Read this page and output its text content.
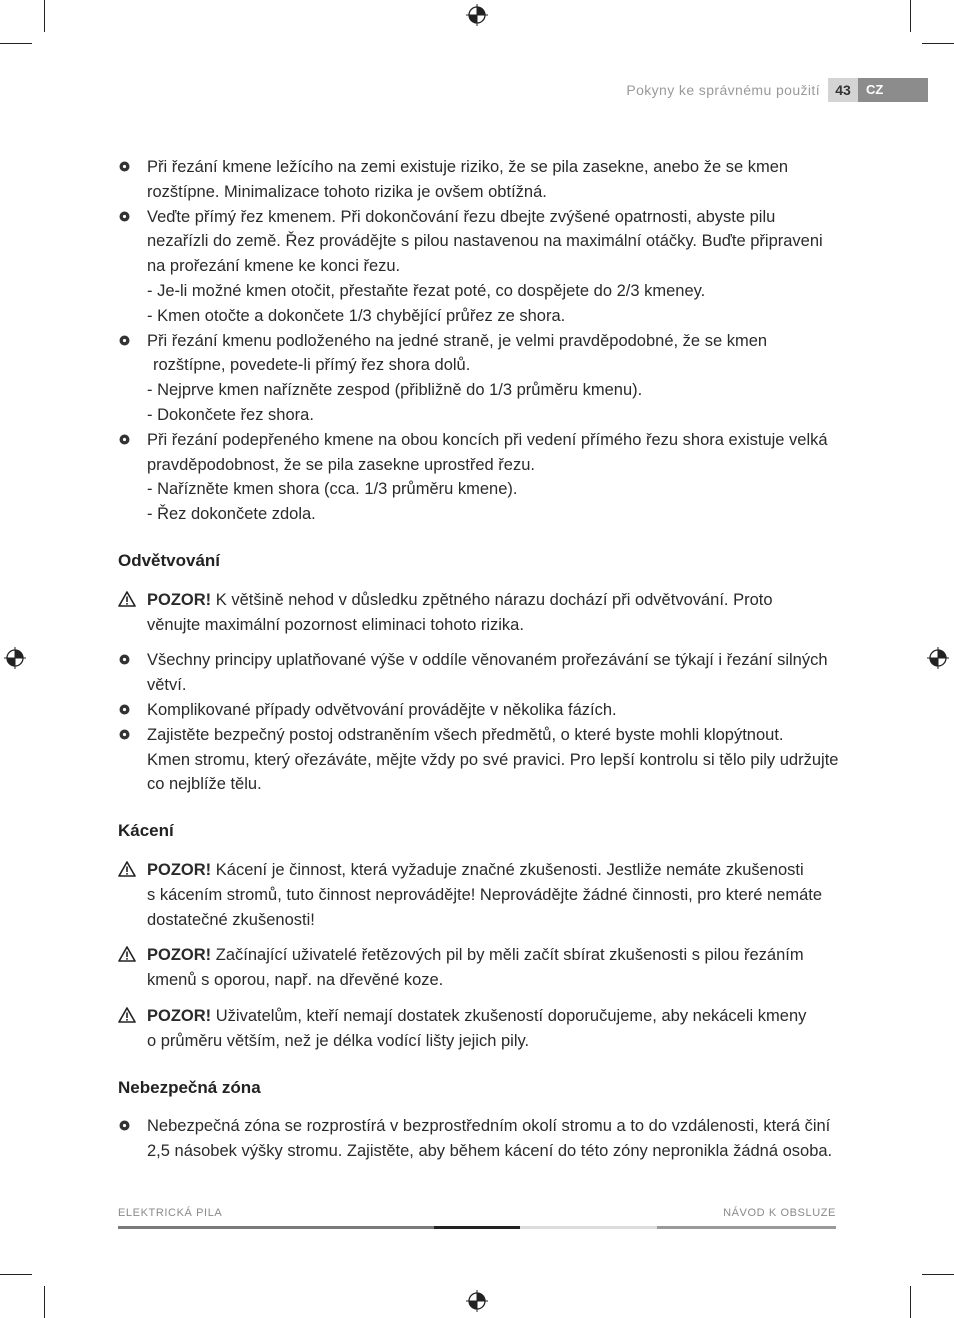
Pokyny ke správnému použití	43	CZ
Při řezání kmene ležícího na zemi existuje riziko, že se pila zasekne, anebo že se kmen
rozštípne. Minimalizace tohoto rizika je ovšem obtížná.
Veďte přímý řez kmenem. Při dokončování řezu dbejte zvýšené opatrnosti, abyste pilu
nezařízli do země. Řez provádějte s pilou nastavenou na maximální otáčky. Buďte připraveni
na prořezání kmene ke konci řezu.
- Je-li možné kmen otočit, přestaňte řezat poté, co dospějete do 2/3 kmeney.
- Kmen otočte a dokončete 1/3 chybějící průřez ze shora.
Při řezání kmenu podloženého na jedné straně, je velmi pravděpodobné, že se kmen
rozštípne, povedete-li přímý řez shora dolů.
- Nejprve kmen nařízněte zespod (přibližně do 1/3 průměru kmenu).
- Dokončete řez shora.
Při řezání podepřeného kmene na obou koncích při vedení přímého řezu shora existuje velká
pravděpodobnost, že se pila zasekne uprostřed řezu.
- Nařízněte kmen shora (cca. 1/3 průměru kmene).
- Řez dokončete zdola.
Odvětvování
POZOR! K většině nehod v důsledku zpětného nárazu dochází při odvětvování. Proto
věnujte maximální pozornost eliminaci tohoto rizika.
Všechny principy uplatňované výše v oddíle věnovaném prořezávání se týkají i řezání silných
větví.
Komplikované případy odvětvování provádějte v několika fázích.
Zajistěte bezpečný postoj odstraněním všech předmětů, o které byste mohli klopýtnout.
Kmen stromu, který ořezáváte, mějte vždy po své pravici. Pro lepší kontrolu si tělo pily udržujte
co nejblíže tělu.
Kácení
POZOR! Kácení je činnost, která vyžaduje značné zkušenosti. Jestliže nemáte zkušenosti
s kácením stromů, tuto činnost neprovádějte! Neprovádějte žádné činnosti, pro které nemáte
dostatečné zkušenosti!
POZOR! Začínající uživatelé řetězových pil by měli začít sbírat zkušenosti s pilou řezáním
kmenů s oporou, např. na dřevěné koze.
POZOR! Uživatelům, kteří nemají dostatek zkušeností doporučujeme, aby nekáceli kmeny
o průměru větším, než je délka vodící lišty jejich pily.
Nebezpečná zóna
Nebezpečná zóna se rozprostírá v bezprostředním okolí stromu a to do vzdálenosti, která činí
2,5 násobek výšky stromu. Zajistěte, aby během kácení do této zóny nepronikla žádná osoba.
ELEKTRICKÁ PILA	NÁVOD K OBSLUZE
